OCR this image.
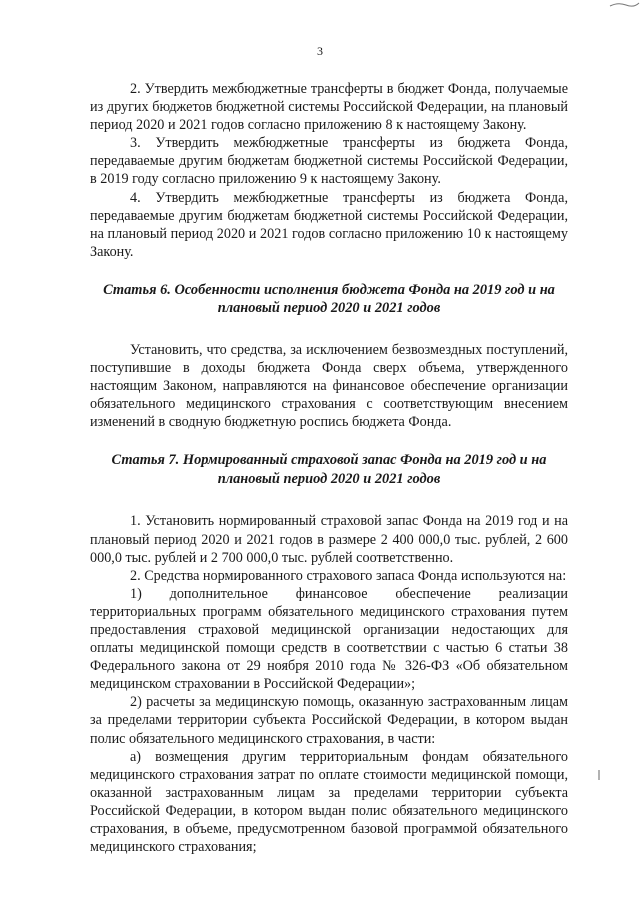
3

2. Утвердить межбюджетные трансферты в бюджет Фонда, получаемые из других бюджетов бюджетной системы Российской Федерации, на плановый период 2020 и 2021 годов согласно приложению 8 к настоящему Закону.

3. Утвердить межбюджетные трансферты из бюджета Фонда, передаваемые другим бюджетам бюджетной системы Российской Федерации, в 2019 году согласно приложению 9 к настоящему Закону.

4. Утвердить межбюджетные трансферты из бюджета Фонда, передаваемые другим бюджетам бюджетной системы Российской Федерации, на плановый период 2020 и 2021 годов согласно приложению 10 к настоящему Закону.

Статья 6. Особенности исполнения бюджета Фонда на 2019 год и на плановый период 2020 и 2021 годов

Установить, что средства, за исключением безвозмездных поступлений, поступившие в доходы бюджета Фонда сверх объема, утвержденного настоящим Законом, направляются на финансовое обеспечение организации обязательного медицинского страхования с соответствующим внесением изменений в сводную бюджетную роспись бюджета Фонда.

Статья 7. Нормированный страховой запас Фонда на 2019 год и на плановый период 2020 и 2021 годов

1. Установить нормированный страховой запас Фонда на 2019 год и на плановый период 2020 и 2021 годов в размере 2 400 000,0 тыс. рублей, 2 600 000,0 тыс. рублей и 2 700 000,0 тыс. рублей соответственно.

2. Средства нормированного страхового запаса Фонда используются на:

1) дополнительное финансовое обеспечение реализации территориальных программ обязательного медицинского страхования путем предоставления страховой медицинской организации недостающих для оплаты медицинской помощи средств в соответствии с частью 6 статьи 38 Федерального закона от 29 ноября 2010 года № 326-ФЗ «Об обязательном медицинском страховании в Российской Федерации»;

2) расчеты за медицинскую помощь, оказанную застрахованным лицам за пределами территории субъекта Российской Федерации, в котором выдан полис обязательного медицинского страхования, в части:

а) возмещения другим территориальным фондам обязательного медицинского страхования затрат по оплате стоимости медицинской помощи, оказанной застрахованным лицам за пределами территории субъекта Российской Федерации, в котором выдан полис обязательного медицинского страхования, в объеме, предусмотренном базовой программой обязательного медицинского страхования;
